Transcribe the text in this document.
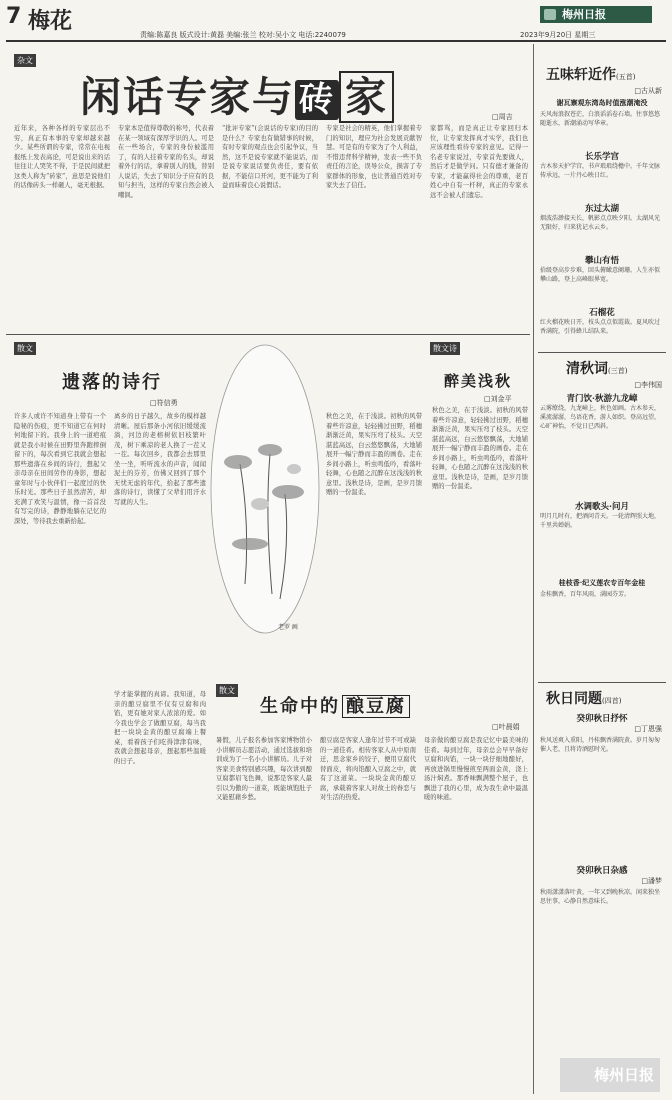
7 梅花
责编:陈嘉良 版式设计:黄磊 美编:张兰 校对:吴小文 电话:2240079
梅州日报
2023年9月20日 星期三
杂文
闲话专家与 砖 家	□周吉
近年来，各种各样的专家层出不穷，真正有本事的专家却越来越少。某些所谓的专家，常常在电视报纸上发表高论，可是说出来的话往往让人哭笑不得，于是民间就把这类人称为“砖家”，意思是说他们的话像砖头一样砸人，毫无根据。
专家本是值得尊敬的称号，代表着在某一领域有深厚学识的人。可是在一些场合，专家的身份被滥用了，有的人挂着专家的名头，却说着外行的话，拿着别人的钱，替别人说话，失去了知识分子应有的良知与担当，这样的专家自然会被人嘲讽。
“批评专家”(会说话的专家)的目的是什么？专家也有做错事的时候，有时专家的观点也会引起争议，当然，这不是说专家就不能说话，而是说专家说话要负责任，要有依据，不能信口开河，更不能为了利益而昧着良心说假话。
专家是社会的精英，他们掌握着专门的知识，理应为社会发展贡献智慧。可是有的专家为了个人利益，不惜违背科学精神，发表一些不负责任的言论，误导公众，损害了专家群体的形象，也让普通百姓对专家失去了信任。
家都骂，而是真正让专家回归本位，让专家发挥真才实学，我们也应该理性看待专家的意见。记得一名老专家说过，专家首先要做人，然后才是做学问。只有德才兼备的专家，才能赢得社会的尊重，老百姓心中自有一杆秤，真正的专家永远不会被人们遗忘。
散文
遗落的诗行
□符信勇
许多人或许不知道身上带有一个隐秘的伤痕，更不知道它在何时何地留下的。我身上的一道疤痕就是我小时候在田野里奔跑摔倒留下的，每次看到它我就会想起那些遗落在乡间的诗行，想起父亲母亲在田间劳作的身影，想起童年时与小伙伴们一起度过的快乐时光。那些日子虽然清苦，却充满了欢笑与温情，像一首首没有写完的诗，静静地躺在记忆的深处，等待我去重新拾起。
离乡的日子越久，故乡的模样越清晰。屋后那条小河依旧缓缓流淌，河边的老榕树依旧枝繁叶茂，树下乘凉的老人换了一茬又一茬。每次回乡，我都会去那里坐一坐，听听流水的声音，闻闻泥土的芬芳，仿佛又回到了那个无忧无虑的年代，拾起了那些遗落的诗行，读懂了父辈们用汗水写就的人生。
老罗 画
散文诗
醉美浅秋
□刘金平
秋色之美，在于浅淡。初秋的风带着些许凉意，轻轻拂过田野，稻穗渐渐泛黄，果实压弯了枝头。天空湛蓝高远，白云悠悠飘荡，大地铺展开一幅宁静而丰盈的画卷。走在乡间小路上，听虫鸣低吟，看落叶轻舞，心也随之沉醉在这浅浅的秋意里。浅秋是诗，是画，是岁月馈赠的一份温柔。
秋色之美，在于浅淡。初秋的风带着些许凉意，轻轻拂过田野，稻穗渐渐泛黄，果实压弯了枝头。天空湛蓝高远，白云悠悠飘荡，大地铺展开一幅宁静而丰盈的画卷。走在乡间小路上，听虫鸣低吟，看落叶轻舞，心也随之沉醉在这浅浅的秋意里。浅秋是诗，是画，是岁月馈赠的一份温柔。
散文
生命中的 酿豆腐
□叶晨娟
暑假，儿子报名参加客家博物馆小小讲解员志愿活动，通过选拔和培训成为了一名小小讲解员。儿子对客家美食特别感兴趣，每次讲到酿豆腐都眉飞色舞，说那是客家人最引以为傲的一道菜，既能填饱肚子又能慰藉乡愁。
酿豆腐是客家人逢年过节不可或缺的一道佳肴。相传客家人从中原南迁，思念家乡的饺子，便用豆腐代替面皮，将肉馅酿入豆腐之中，就有了这道菜。一块块金黄的酿豆腐，承载着客家人对故土的眷恋与对生活的热爱。
母亲做的酿豆腐是我记忆中最美味的佳肴。每到过年，母亲总会早早备好豆腐和肉馅，一块一块仔细地酿好，再放进锅里慢慢煎至两面金黄，浇上汤汁焖煮。那香味飘满整个屋子，也飘进了我的心里，成为我生命中最温暖的味道。
学才能掌握的真谛。我知道，母亲的酿豆腐里不仅有豆腐和肉馅，更有她对家人浓浓的爱。如今我也学会了做酿豆腐，每当我把一块块金黄的酿豆腐端上餐桌，看着孩子们吃得津津有味，我就会想起母亲，想起那些温暖的日子。
五味轩近作(五首)
□古从新
谢瓦寨观东湾岛时值涨潮淹没
天风海浪叙苍茫，白浪滔滔卷石墙。往事悠悠随逝水，新潮涌动写华章。
长乐学宫
古木参天护学宫，书声琅琅绕檐中。千年文脉传承远，一片丹心映日红。
东过太湖
烟波浩渺接天长，帆影点点映夕阳。太湖风光无限好，归来犹记水云乡。
攀山有悟
拾级登高步步难，回头俯瞰意阑珊。人生亦似攀山路，登上高峰眼界宽。
石榴花
红火榴花映日开，枝头点点似霞裁。夏风吹过香满院，引得蜂儿结队来。
清秋词(三首)
□李伟国
青门饮·秋游九龙嶂
云雾缭绕，九龙嶂上，秋色如画。古木参天，溪流潺潺，鸟语花香，游人如织。登高远望，心旷神怡，不觉日已西斜。
水调歌头·问月
明月几时有，把酒问青天。一轮清辉照大地，千里共婵娟。
桂枝香·纪义莲农专百年金桂
金桂飘香，百年风雨，满园芬芳。
秋日同题(四首)
癸卯秋日抒怀
□丁恩强
秋风送爽入重阳，丹桂飘香满院黄。岁月匆匆催人老，且将诗酒慰时光。
癸卯秋日杂感
□潘梦
秋雨潇潇落叶黄，一年又到晚秋凉。闲来独坐思往事，心静自然意味长。
梅州日报
